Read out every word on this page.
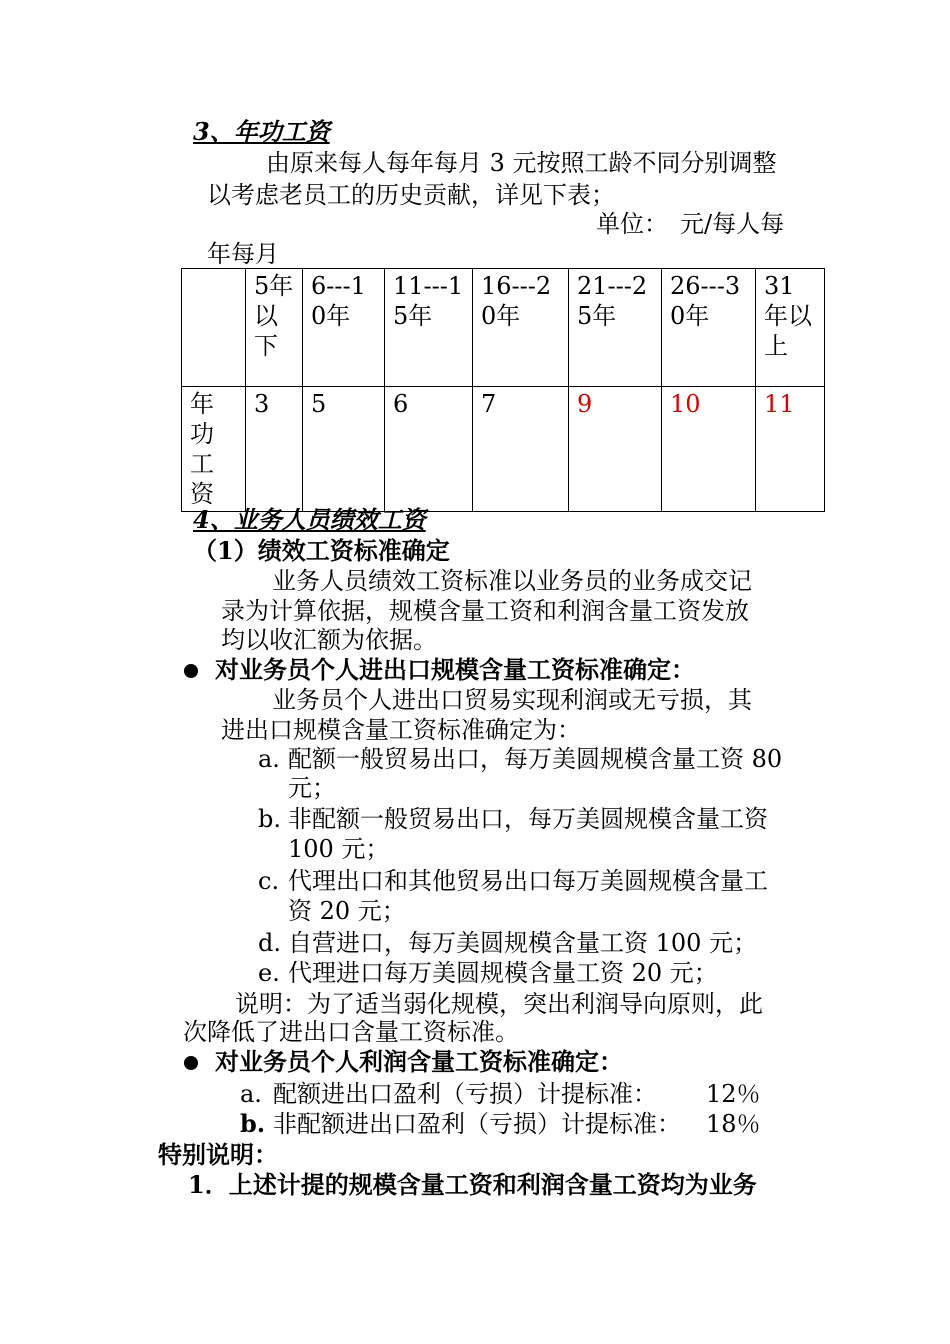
3、年功工资
由原来每人每年每月 3 元按照工龄不同分别调整
以考虑老员工的历史贡献，详见下表；
单位：　元/每人每
年每月
	5年以下	6---10年	11---15年	16---20年	21---25年	26---30年	31年以上
年功工资	3	5	6	7	9	10	11
4、业务人员绩效工资
（1）绩效工资标准确定
业务人员绩效工资标准以业务员的业务成交记
录为计算依据，规模含量工资和利润含量工资发放
均以收汇额为依据。
对业务员个人进出口规模含量工资标准确定：
业务员个人进出口贸易实现利润或无亏损，其
进出口规模含量工资标准确定为：
a. 配额一般贸易出口，每万美圆规模含量工资 80
元；
b. 非配额一般贸易出口，每万美圆规模含量工资
100 元；
c. 代理出口和其他贸易出口每万美圆规模含量工
资 20 元；
d. 自营进口，每万美圆规模含量工资 100 元；
e. 代理进口每万美圆规模含量工资 20 元；
说明：为了适当弱化规模，突出利润导向原则，此
次降低了进出口含量工资标准。
对业务员个人利润含量工资标准确定：
a. 配额进出口盈利（亏损）计提标准： 12％
b. 非配额进出口盈利（亏损）计提标准： 18％
特别说明：
1．上述计提的规模含量工资和利润含量工资均为业务
